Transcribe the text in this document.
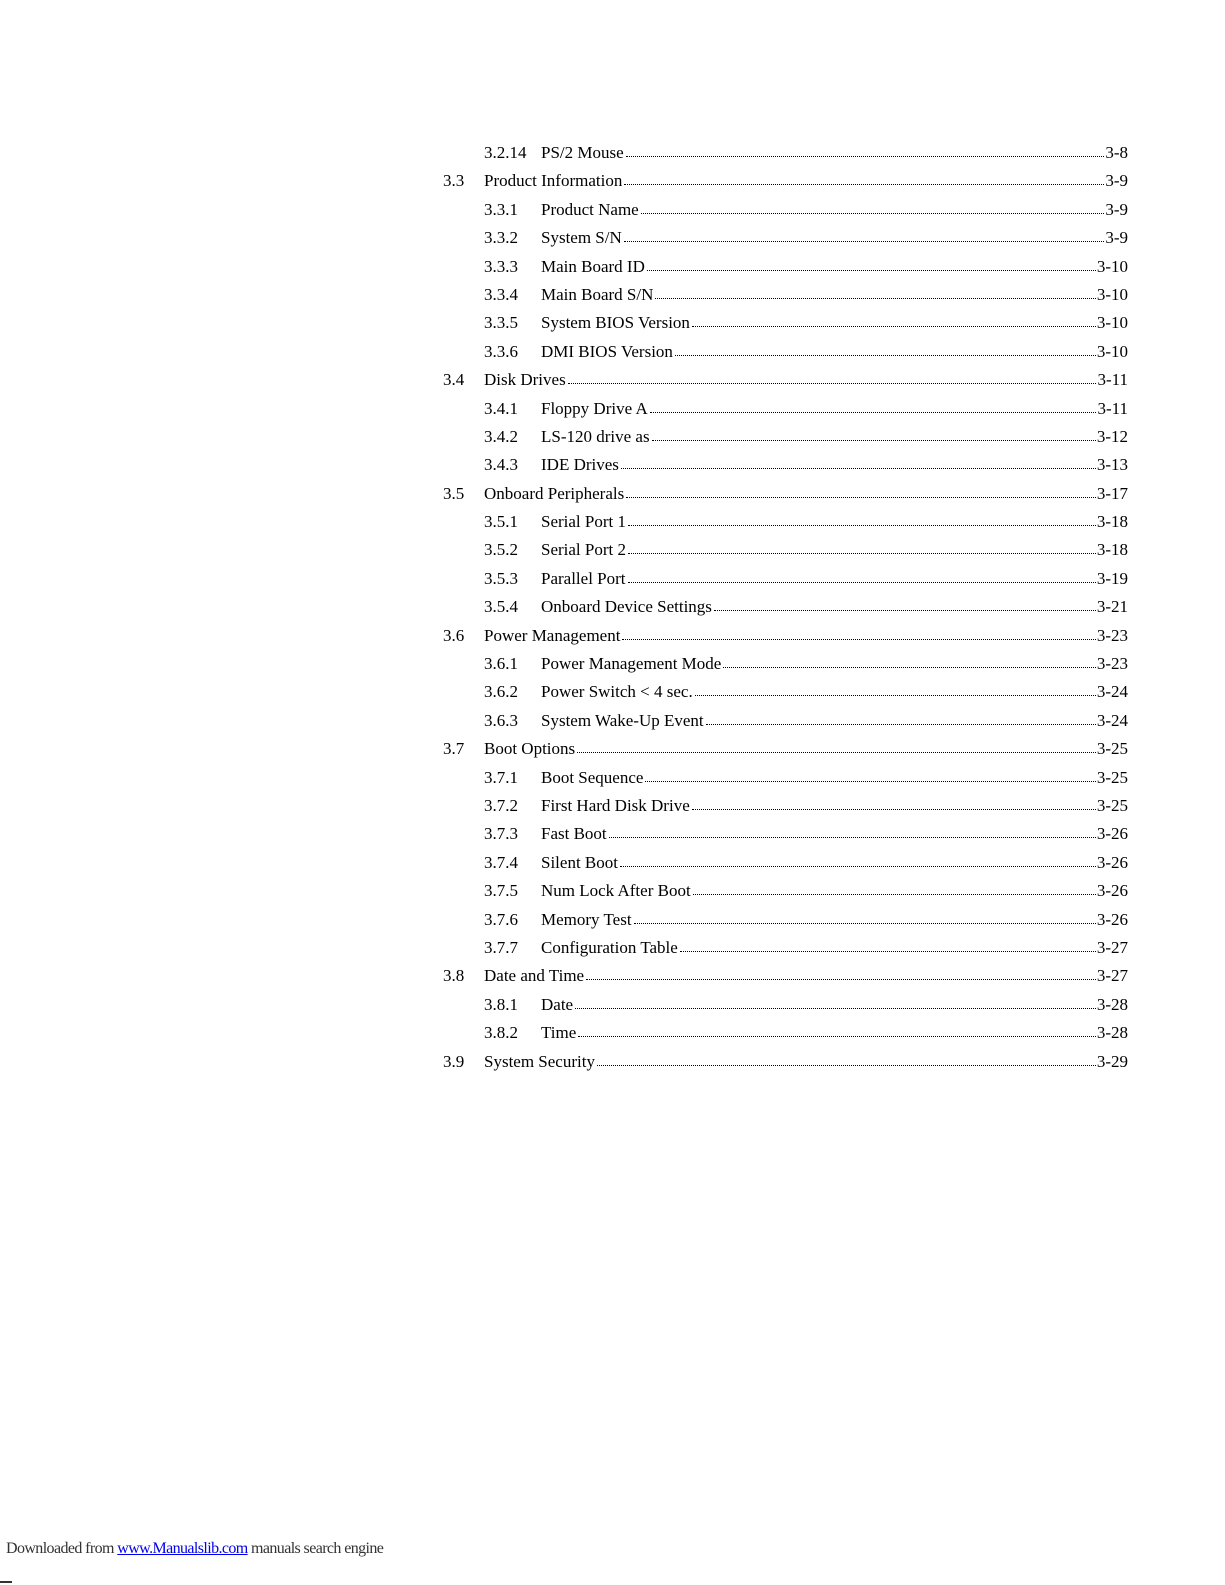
3.2.14 PS/2 Mouse	3-8
3.3	Product Information	3-9
3.3.1	Product Name	3-9
3.3.2	System S/N	3-9
3.3.3	Main Board ID	3-10
3.3.4	Main Board S/N	3-10
3.3.5	System BIOS Version	3-10
3.3.6	DMI BIOS Version	3-10
3.4	Disk Drives	3-11
3.4.1	Floppy Drive A	3-11
3.4.2	LS-120 drive as	3-12
3.4.3	IDE Drives	3-13
3.5	Onboard Peripherals	3-17
3.5.1	Serial Port 1	3-18
3.5.2	Serial Port 2	3-18
3.5.3	Parallel Port	3-19
3.5.4	Onboard Device Settings	3-21
3.6	Power Management	3-23
3.6.1	Power Management Mode	3-23
3.6.2	Power Switch < 4 sec.	3-24
3.6.3	System Wake-Up Event	3-24
3.7	Boot Options	3-25
3.7.1	Boot Sequence	3-25
3.7.2	First Hard Disk Drive	3-25
3.7.3	Fast Boot	3-26
3.7.4	Silent Boot	3-26
3.7.5	Num Lock After Boot	3-26
3.7.6	Memory Test	3-26
3.7.7	Configuration Table	3-27
3.8	Date and Time	3-27
3.8.1	Date	3-28
3.8.2	Time	3-28
3.9	System Security	3-29
Downloaded from www.Manualslib.com manuals search engine
